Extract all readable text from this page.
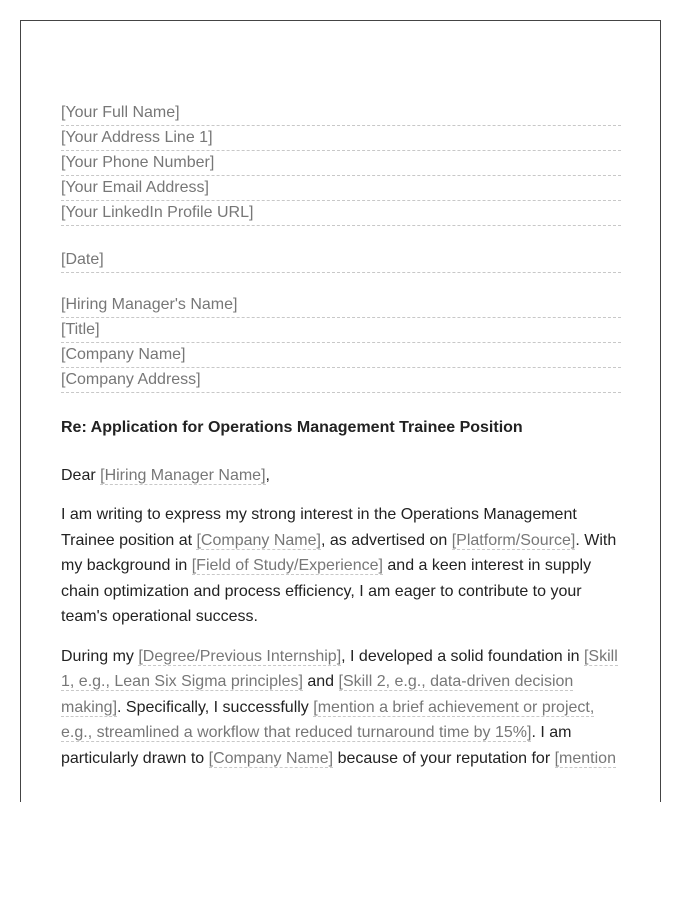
[Your Full Name]
[Your Address Line 1]
[Your Phone Number]
[Your Email Address]
[Your LinkedIn Profile URL]
[Date]
[Hiring Manager's Name]
[Title]
[Company Name]
[Company Address]
Re: Application for Operations Management Trainee Position
Dear [Hiring Manager Name],
I am writing to express my strong interest in the Operations Management Trainee position at [Company Name], as advertised on [Platform/Source]. With my background in [Field of Study/Experience] and a keen interest in supply chain optimization and process efficiency, I am eager to contribute to your team's operational success.
During my [Degree/Previous Internship], I developed a solid foundation in [Skill 1, e.g., Lean Six Sigma principles] and [Skill 2, e.g., data-driven decision making]. Specifically, I successfully [mention a brief achievement or project, e.g., streamlined a workflow that reduced turnaround time by 15%]. I am particularly drawn to [Company Name] because of your reputation for [mention
